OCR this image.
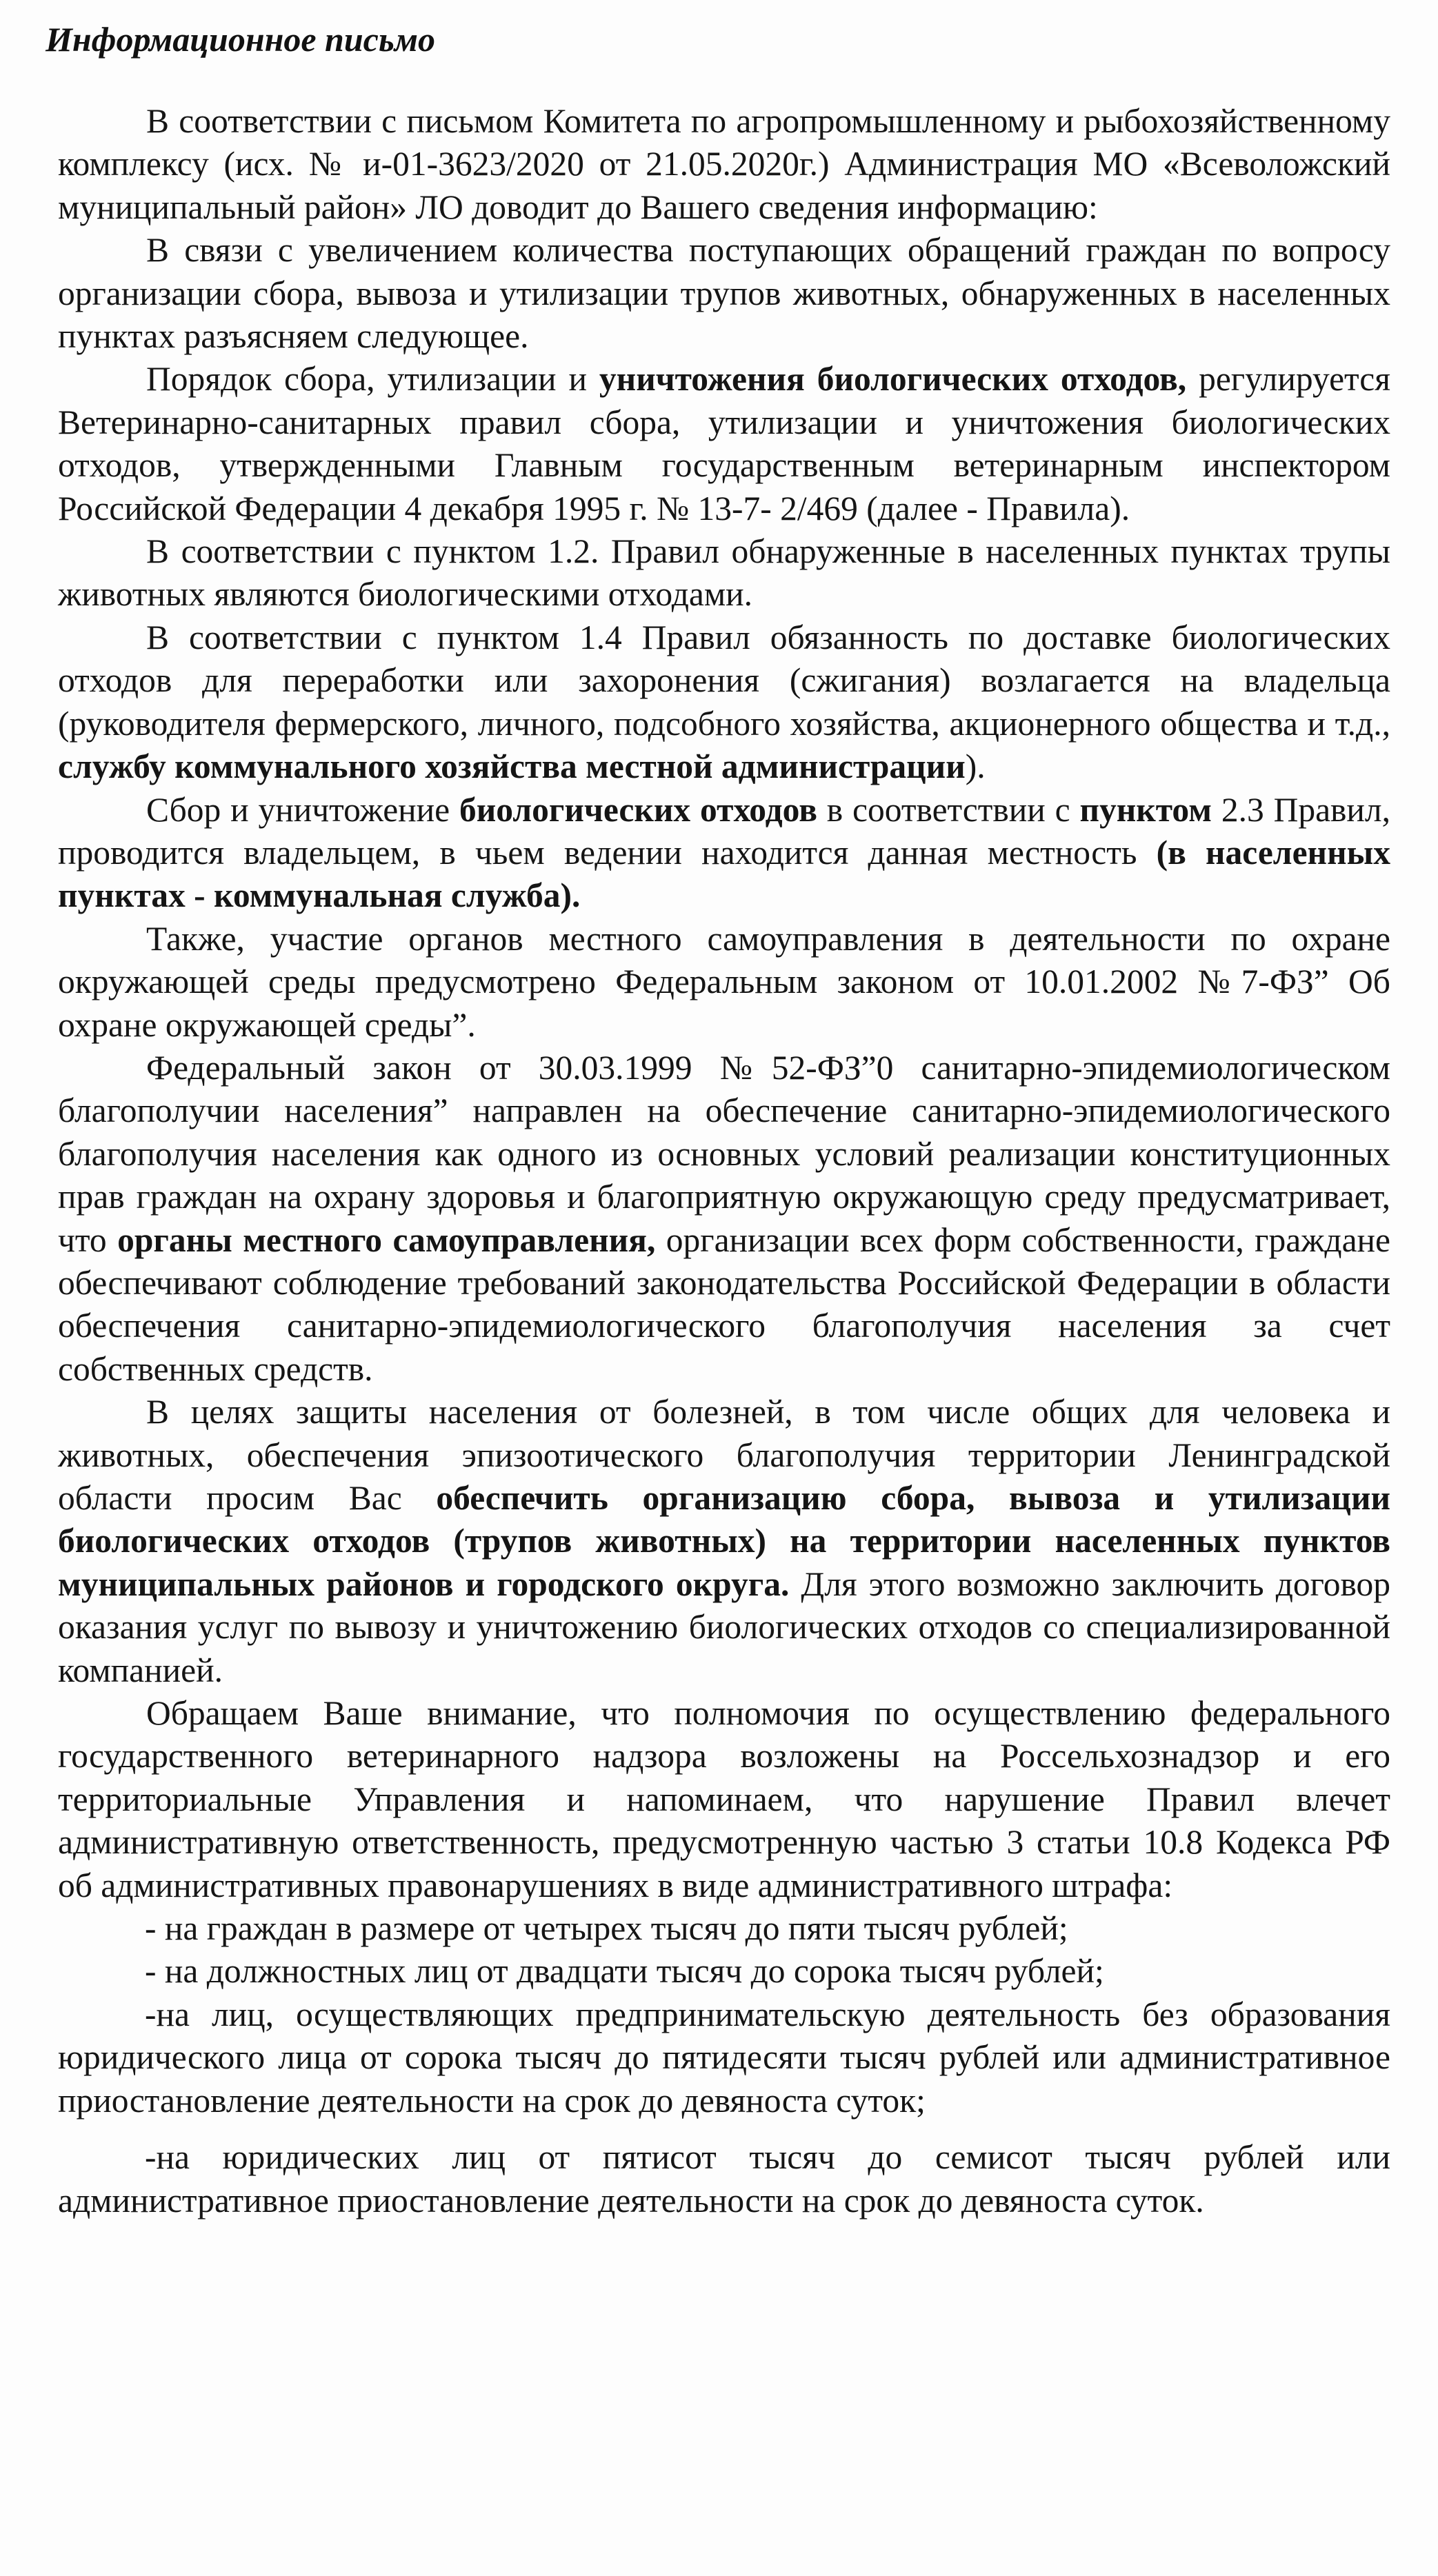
Информационное письмо

В соответствии с письмом Комитета по агропромышленному и рыбохозяйственному комплексу (исх. № и-01-3623/2020 от 21.05.2020г.) Администрация МО «Всеволожский муниципальный район» ЛО доводит до Вашего сведения информацию:

В связи с увеличением количества поступающих обращений граждан по вопросу организации сбора, вывоза и утилизации трупов животных, обнаруженных в населенных пунктах разъясняем следующее.

Порядок сбора, утилизации и уничтожения биологических отходов, регулируется Ветеринарно-санитарных правил сбора, утилизации и уничтожения биологических отходов, утвержденными Главным государственным ветеринарным инспектором Российской Федерации 4 декабря 1995 г. № 13-7- 2/469 (далее - Правила).

В соответствии с пунктом 1.2. Правил обнаруженные в населенных пунктах трупы животных являются биологическими отходами.

В соответствии с пунктом 1.4 Правил обязанность по доставке биологических отходов для переработки или захоронения (сжигания) возлагается на владельца (руководителя фермерского, личного, подсобного хозяйства, акционерного общества и т.д., службу коммунального хозяйства местной администрации).

Сбор и уничтожение биологических отходов в соответствии с пунктом 2.3 Правил, проводится владельцем, в чьем ведении находится данная местность (в населенных пунктах - коммунальная служба).

Также, участие органов местного самоуправления в деятельности по охране окружающей среды предусмотрено Федеральным законом от 10.01.2002 №7-ФЗ” Об охране окружающей среды”.

Федеральный закон от 30.03.1999 №52-ФЗ”0 санитарно-эпидемиологическом благополучии населения” направлен на обеспечение санитарно-эпидемиологического благополучия населения как одного из основных условий реализации конституционных прав граждан на охрану здоровья и благоприятную окружающую среду предусматривает, что органы местного самоуправления, организации всех форм собственности, граждане обеспечивают соблюдение требований законодательства Российской Федерации в области обеспечения санитарно-эпидемиологического благополучия населения за счет собственных средств.

В целях защиты населения от болезней, в том числе общих для человека и животных, обеспечения эпизоотического благополучия территории Ленинградской области просим Вас обеспечить организацию сбора, вывоза и утилизации биологических отходов (трупов животных) на территории населенных пунктов муниципальных районов и городского округа. Для этого возможно заключить договор оказания услуг по вывозу и уничтожению биологических отходов со специализированной компанией.

Обращаем Ваше внимание, что полномочия по осуществлению федерального государственного ветеринарного надзора возложены на Россельхознадзор и его территориальные Управления и напоминаем, что нарушение Правил влечет административную ответственность, предусмотренную частью 3 статьи 10.8 Кодекса РФ об административных правонарушениях в виде административного штрафа:

- на граждан в размере от четырех тысяч до пяти тысяч рублей;

- на должностных лиц от двадцати тысяч до сорока тысяч рублей;

-на лиц, осуществляющих предпринимательскую деятельность без образования юридического лица от сорока тысяч до пятидесяти тысяч рублей или административное приостановление деятельности на срок до девяноста суток;

-на юридических лиц от пятисот тысяч до семисот тысяч рублей или административное приостановление деятельности на срок до девяноста суток.
